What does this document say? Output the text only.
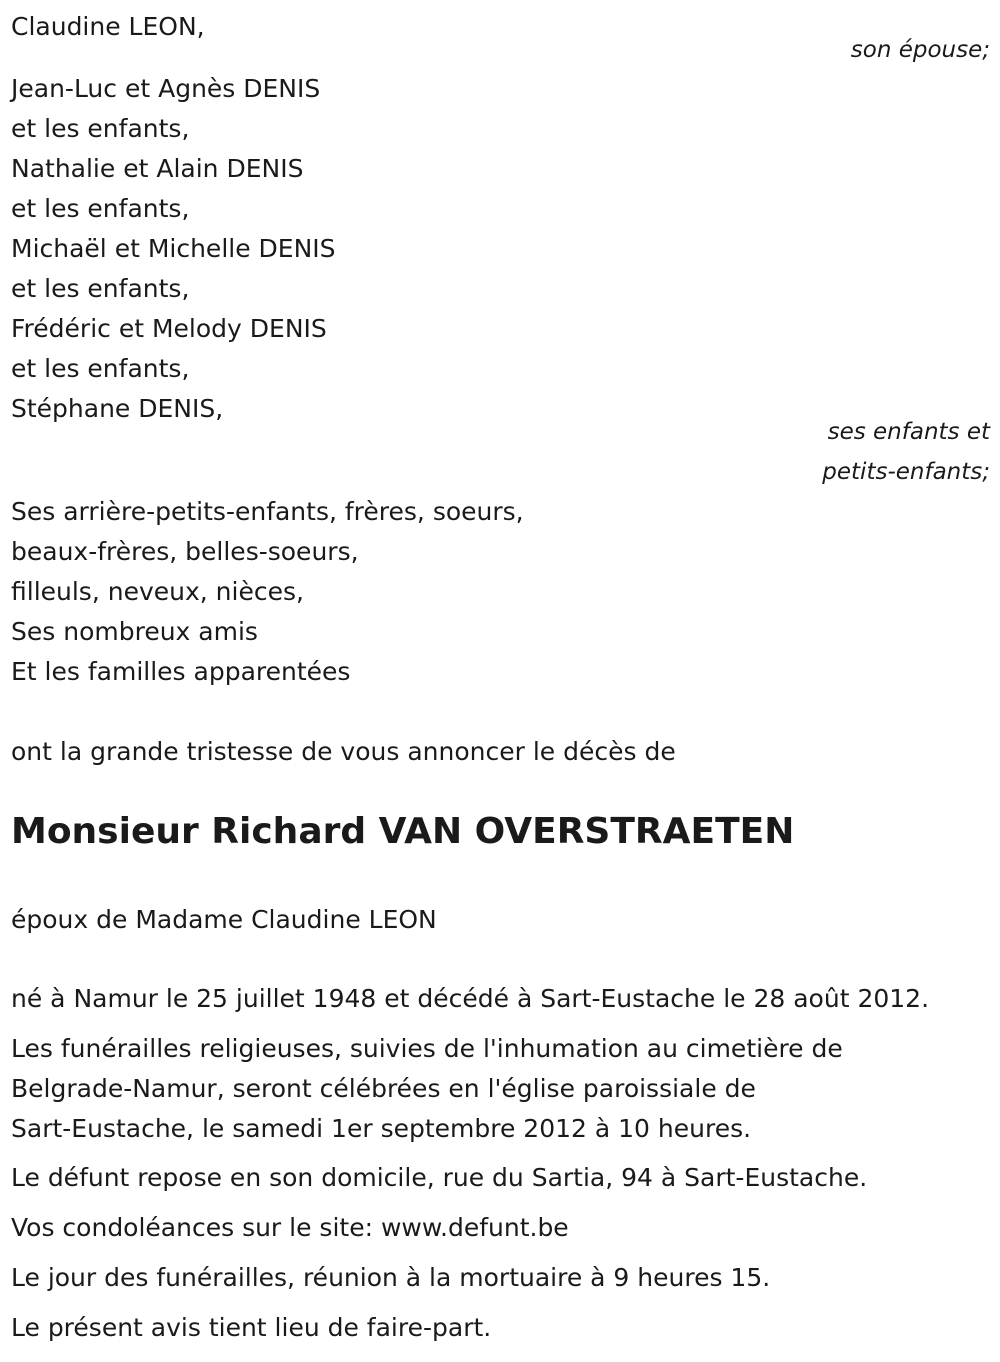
Claudine LEON,
son épouse;
Jean-Luc et Agnès DENIS
et les enfants,
Nathalie et Alain DENIS
et les enfants,
Michaël et Michelle DENIS
et les enfants,
Frédéric et Melody DENIS
et les enfants,
Stéphane DENIS,
ses enfants et
petits-enfants;
Ses arrière-petits-enfants, frères, soeurs,
beaux-frères, belles-soeurs,
filleuls, neveux, nièces,
Ses nombreux amis
Et les familles apparentées
ont la grande tristesse de vous annoncer le décès de
Monsieur Richard VAN OVERSTRAETEN
époux de Madame Claudine LEON
né à Namur le 25 juillet 1948 et décédé à Sart-Eustache le 28 août 2012.
Les funérailles religieuses, suivies de l'inhumation au cimetière de
Belgrade-Namur, seront célébrées en l'église paroissiale de
Sart-Eustache, le samedi 1er septembre 2012 à 10 heures.
Le défunt repose en son domicile, rue du Sartia, 94 à Sart-Eustache.
Vos condoléances sur le site: www.defunt.be
Le jour des funérailles, réunion à la mortuaire à 9 heures 15.
Le présent avis tient lieu de faire-part.
